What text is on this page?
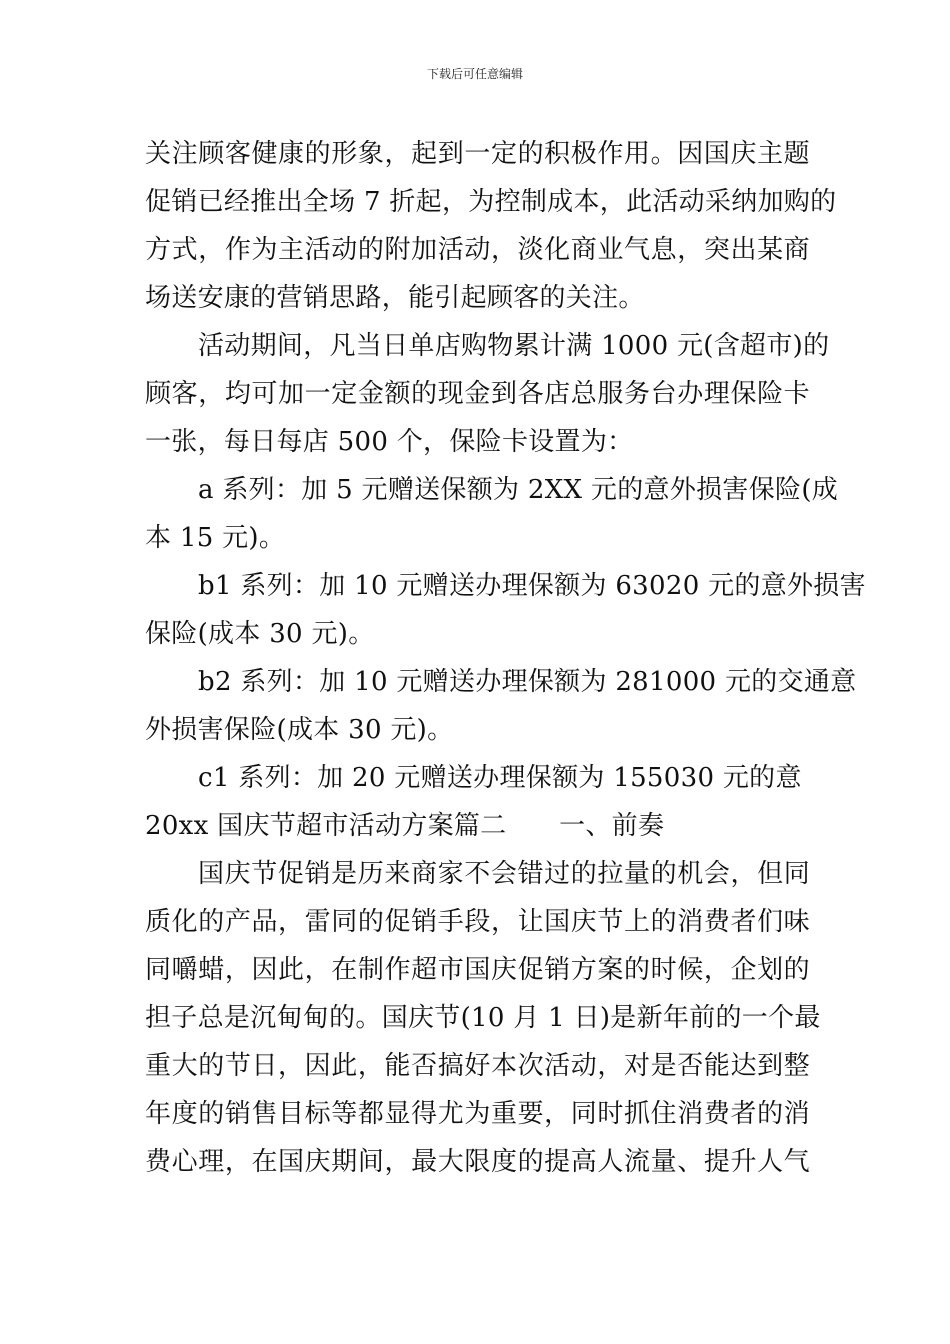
下载后可任意编辑
关注顾客健康的形象，起到一定的积极作用。因国庆主题
促销已经推出全场 7 折起，为控制成本，此活动采纳加购的
方式，作为主活动的附加活动，淡化商业气息，突出某商
场送安康的营销思路，能引起顾客的关注。
活动期间，凡当日单店购物累计满 1000 元(含超市)的
顾客，均可加一定金额的现金到各店总服务台办理保险卡
一张，每日每店 500 个，保险卡设置为：
a 系列：加 5 元赠送保额为 2XX 元的意外损害保险(成
本 15 元)。
b1 系列：加 10 元赠送办理保额为 63020 元的意外损害
保险(成本 30 元)。
b2 系列：加 10 元赠送办理保额为 281000 元的交通意
外损害保险(成本 30 元)。
c1 系列：加 20 元赠送办理保额为 155030 元的意
20xx 国庆节超市活动方案篇二　　一、前奏
国庆节促销是历来商家不会错过的拉量的机会，但同
质化的产品，雷同的促销手段，让国庆节上的消费者们味
同嚼蜡，因此，在制作超市国庆促销方案的时候，企划的
担子总是沉甸甸的。国庆节(10 月 1 日)是新年前的一个最
重大的节日，因此，能否搞好本次活动，对是否能达到整
年度的销售目标等都显得尤为重要，同时抓住消费者的消
费心理，在国庆期间，最大限度的提高人流量、提升人气
